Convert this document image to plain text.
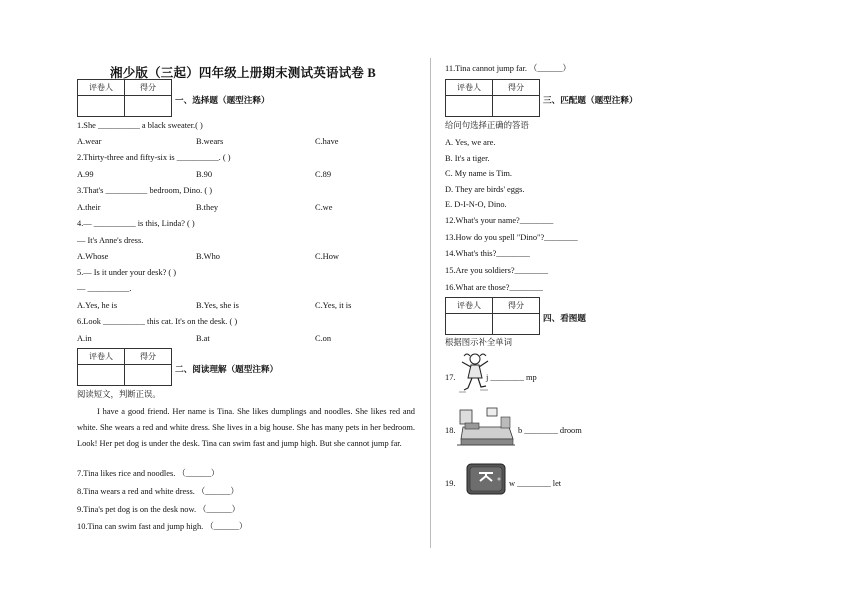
湘少版（三起）四年级上册期末测试英语试卷 B
评卷人	得分

一、选择题（题型注释）
1.She __________ a black sweater.( )
A.wear	B.wears	C.have
2.Thirty-three and fifty-six is __________. ( )
A.99	B.90	C.89
3.That's __________ bedroom, Dino. ( )
A.their	B.they	C.we
4.— __________ is this, Linda? ( )
— It's Anne's dress.
A.Whose	B.Who	C.How
5.— Is it under your desk? ( )
— __________.
A.Yes, he is	B.Yes, she is	C.Yes, it is
6.Look __________ this cat. It's on the desk. ( )
A.in	B.at	C.on
评卷人	得分

二、阅读理解（题型注释）
阅读短文，判断正误。
I have a good friend. Her name is Tina. She likes dumplings and noodles. She likes red and white. She wears a red and white dress. She lives in a big house. She has many pets in her bedroom. Look! Her pet dog is under the desk. Tina can swim fast and jump high. But she cannot jump far.
7.Tina likes rice and noodles. （______）
8.Tina wears a red and white dress. （______）
9.Tina's pet dog is on the desk now. （______）
10.Tina can swim fast and jump high. （______）
11.Tina cannot jump far. （______）
评卷人	得分

三、匹配题（题型注释）
给问句选择正确的答语
A. Yes, we are.
B. It's a tiger.
C. My name is Tim.
D. They are birds' eggs.
E. D-I-N-O, Dino.
12.What's your name?________
13.How do you spell "Dino"?________
14.What's this?________
15.Are you soldiers?________
16.What are those?________
评卷人	得分

四、看图题
根据图示补全单词
17.	j ________ mp
18.	b ________ droom
19.	w ________ let
